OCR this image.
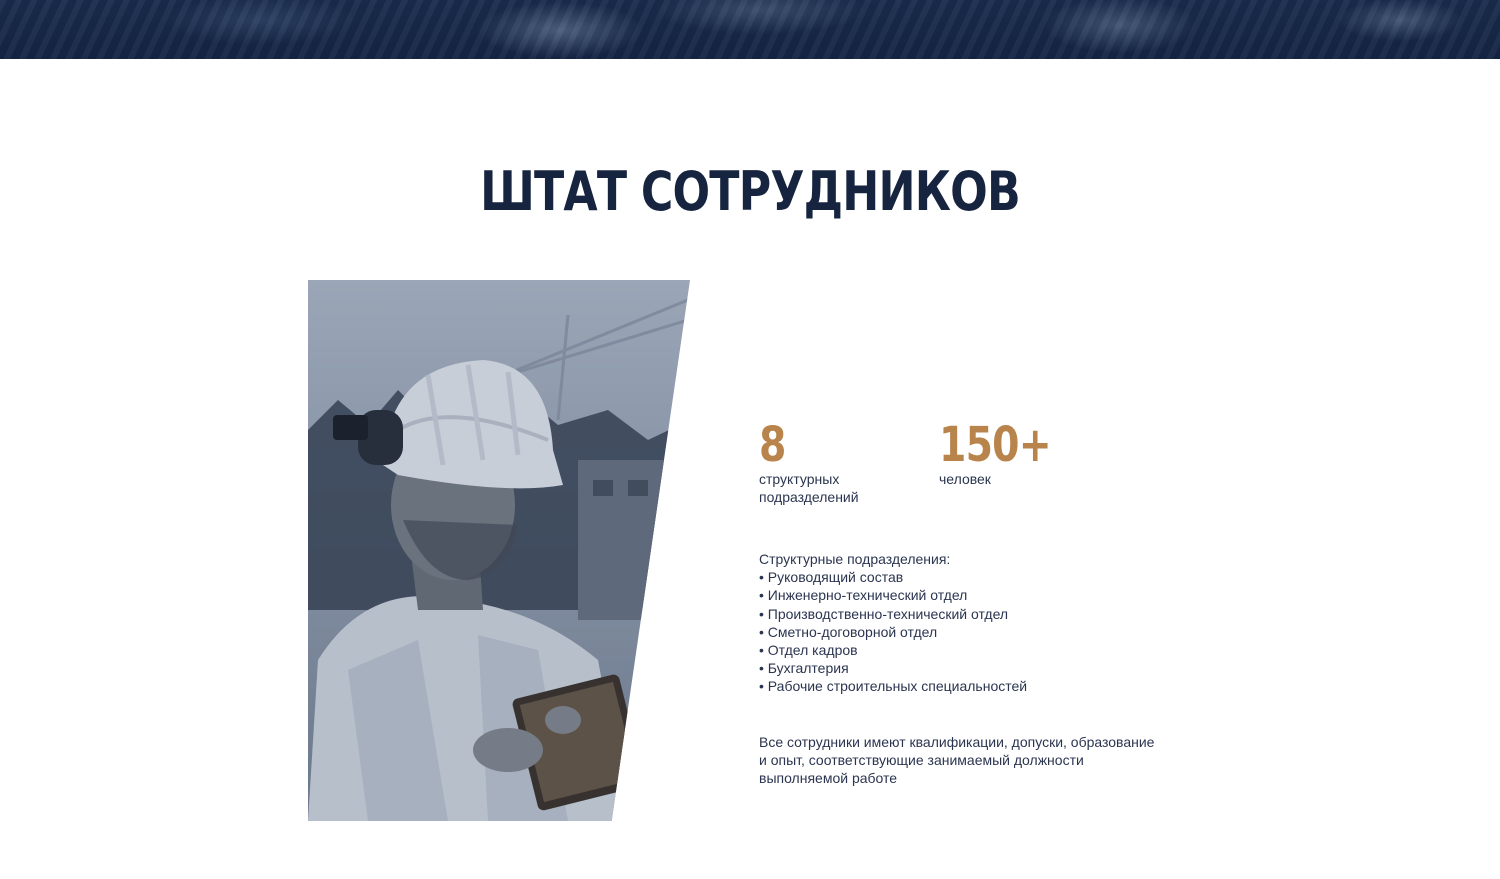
ШТАТ СОТРУДНИКОВ
8
структурных
подразделений
150+
человек
Структурные подразделения:
• Руководящий состав
• Инженерно-технический отдел
• Производственно-технический отдел
• Сметно-договорной отдел
• Отдел кадров
• Бухгалтерия
• Рабочие строительных специальностей
Все сотрудники имеют квалификации, допуски, образование
и опыт, соответствующие занимаемый должности
выполняемой работе
